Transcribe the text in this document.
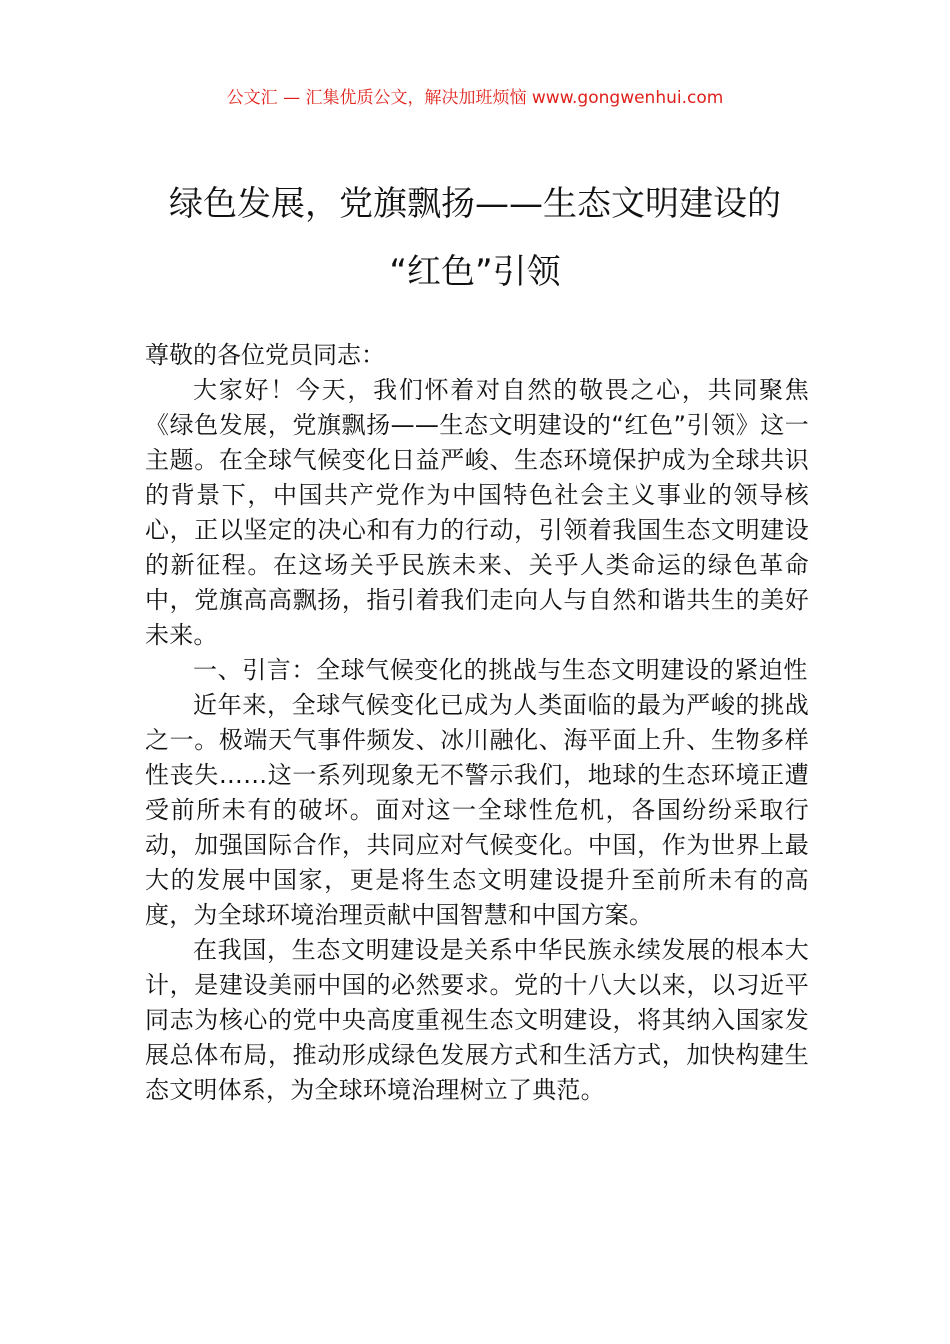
公文汇 — 汇集优质公文，解决加班烦恼 www.gongwenhui.com
绿色发展，党旗飘扬——生态文明建设的
“红色”引领

尊敬的各位党员同志：

大家好！今天，我们怀着对自然的敬畏之心，共同聚焦《绿色发展，党旗飘扬——生态文明建设的“红色”引领》这一主题。在全球气候变化日益严峻、生态环境保护成为全球共识的背景下，中国共产党作为中国特色社会主义事业的领导核心，正以坚定的决心和有力的行动，引领着我国生态文明建设的新征程。在这场关乎民族未来、关乎人类命运的绿色革命中，党旗高高飘扬，指引着我们走向人与自然和谐共生的美好未来。

一、引言：全球气候变化的挑战与生态文明建设的紧迫性

近年来，全球气候变化已成为人类面临的最为严峻的挑战之一。极端天气事件频发、冰川融化、海平面上升、生物多样性丧失……这一系列现象无不警示我们，地球的生态环境正遭受前所未有的破坏。面对这一全球性危机，各国纷纷采取行动，加强国际合作，共同应对气候变化。中国，作为世界上最大的发展中国家，更是将生态文明建设提升至前所未有的高度，为全球环境治理贡献中国智慧和中国方案。

在我国，生态文明建设是关系中华民族永续发展的根本大计，是建设美丽中国的必然要求。党的十八大以来，以习近平同志为核心的党中央高度重视生态文明建设，将其纳入国家发展总体布局，推动形成绿色发展方式和生活方式，加快构建生态文明体系，为全球环境治理树立了典范。
